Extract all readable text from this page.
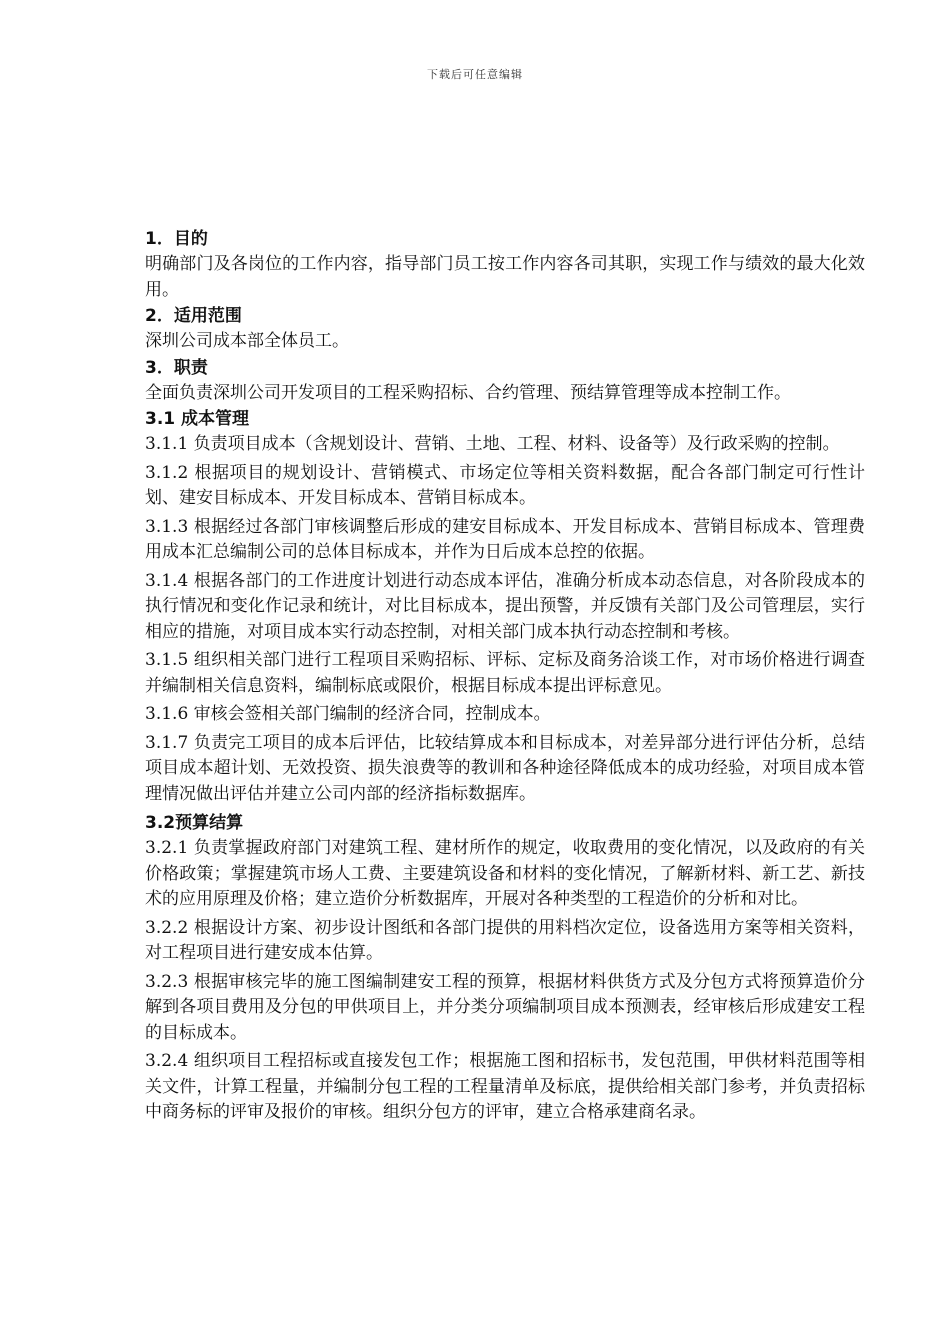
下载后可任意编辑

1．目的

明确部门及各岗位的工作内容，指导部门员工按工作内容各司其职，实现工作与绩效的最大化效用。

2．适用范围

深圳公司成本部全体员工。

3．职责

全面负责深圳公司开发项目的工程采购招标、合约管理、预结算管理等成本控制工作。

3.1 成本管理

3.1.1 负责项目成本（含规划设计、营销、土地、工程、材料、设备等）及行政采购的控制。

3.1.2 根据项目的规划设计、营销模式、市场定位等相关资料数据，配合各部门制定可行性计划、建安目标成本、开发目标成本、营销目标成本。

3.1.3 根据经过各部门审核调整后形成的建安目标成本、开发目标成本、营销目标成本、管理费用成本汇总编制公司的总体目标成本，并作为日后成本总控的依据。

3.1.4 根据各部门的工作进度计划进行动态成本评估，准确分析成本动态信息，对各阶段成本的执行情况和变化作记录和统计，对比目标成本，提出预警，并反馈有关部门及公司管理层，实行相应的措施，对项目成本实行动态控制，对相关部门成本执行动态控制和考核。

3.1.5 组织相关部门进行工程项目采购招标、评标、定标及商务洽谈工作，对市场价格进行调查并编制相关信息资料，编制标底或限价，根据目标成本提出评标意见。

3.1.6 审核会签相关部门编制的经济合同，控制成本。

3.1.7 负责完工项目的成本后评估，比较结算成本和目标成本，对差异部分进行评估分析，总结项目成本超计划、无效投资、损失浪费等的教训和各种途径降低成本的成功经验，对项目成本管理情况做出评估并建立公司内部的经济指标数据库。

3.2预算结算

3.2.1 负责掌握政府部门对建筑工程、建材所作的规定，收取费用的变化情况，以及政府的有关价格政策；掌握建筑市场人工费、主要建筑设备和材料的变化情况，了解新材料、新工艺、新技术的应用原理及价格；建立造价分析数据库，开展对各种类型的工程造价的分析和对比。

3.2.2 根据设计方案、初步设计图纸和各部门提供的用料档次定位，设备选用方案等相关资料，对工程项目进行建安成本估算。

3.2.3 根据审核完毕的施工图编制建安工程的预算，根据材料供货方式及分包方式将预算造价分解到各项目费用及分包的甲供项目上，并分类分项编制项目成本预测表，经审核后形成建安工程的目标成本。

3.2.4 组织项目工程招标或直接发包工作；根据施工图和招标书，发包范围，甲供材料范围等相关文件，计算工程量，并编制分包工程的工程量清单及标底，提供给相关部门参考，并负责招标中商务标的评审及报价的审核。组织分包方的评审，建立合格承建商名录。
